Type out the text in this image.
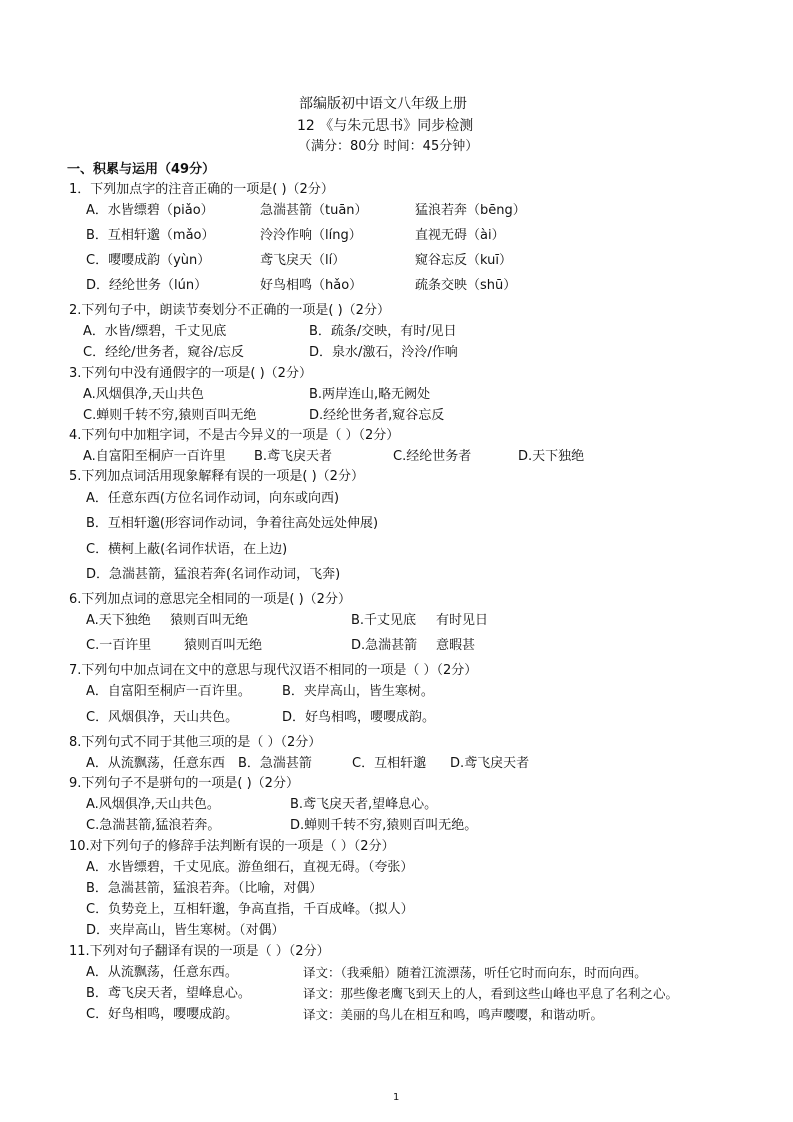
部编版初中语文八年级上册
12 《与朱元思书》同步检测
（满分：80分 时间：45分钟）
一、积累与运用（49分）
1．下列加点字的注音正确的一项是( )（2分）
A．水皆缥碧（piǎo）	急湍甚箭（tuān）	猛浪若奔（bēng）
B．互相轩邈（mǎo）	泠泠作响（líng）	直视无碍（ài）
C．嘤嘤成韵（yùn）	鸢飞戾天（lí）	窥谷忘反（kuī）
D．经纶世务（lún）	好鸟相鸣（hǎo）	疏条交映（shū）
2.下列句子中，朗读节奏划分不正确的一项是( )（2分）
A．水皆/缥碧，千丈见底	B．疏条/交映，有时/见日
C．经纶/世务者，窥谷/忘反	D．泉水/激石，泠泠/作响
3.下列句中没有通假字的一项是( )（2分）
A.风烟俱净,天山共色	B.两岸连山,略无阙处
C.蝉则千转不穷,猿则百叫无绝	D.经纶世务者,窥谷忘反
4.下列句中加粗字词，不是古今异义的一项是（ ）（2分）
A.自富阳至桐庐一百许里 B.鸢飞戾天者	C.经纶世务者	D.天下独绝
5.下列加点词活用现象解释有误的一项是( )（2分）
A．任意东西(方位名词作动词，向东或向西)
B．互相轩邈(形容词作动词，争着往高处远处伸展)
C．横柯上蔽(名词作状语，在上边)
D．急湍甚箭，猛浪若奔(名词作动词，飞奔)
6.下列加点词的意思完全相同的一项是( )（2分）
A.天下独绝 猿则百叫无绝	B.千丈见底 有时见日
C.一百许里	猿则百叫无绝	D.急湍甚箭 意暇甚
7.下列句中加点词在文中的意思与现代汉语不相同的一项是（ ）（2分）
A．自富阳至桐庐一百许里。 B．夹岸高山，皆生寒树。
C．风烟俱净，天山共色。	D．好鸟相鸣，嘤嘤成韵。
8.下列句式不同于其他三项的是（ ）（2分）
A．从流飘荡，任意东西 B．急湍甚箭	C．互相轩邈 D.鸢飞戾天者
9.下列句子不是骈句的一项是( )（2分）
A.风烟俱净,天山共色。	B.鸢飞戾天者,望峰息心。
C.急湍甚箭,猛浪若奔。	D.蝉则千转不穷,猿则百叫无绝。
10.对下列句子的修辞手法判断有误的一项是（ ）（2分）
A．水皆缥碧，千丈见底。游鱼细石，直视无碍。（夸张）
B．急湍甚箭，猛浪若奔。（比喻，对偶）
C．负势竞上，互相轩邈，争高直指，千百成峰。（拟人）
D．夹岸高山，皆生寒树。（对偶）
11.下列对句子翻译有误的一项是（ ）（2分）
A．从流飘荡，任意东西。	译文：（我乘船）随着江流漂荡，听任它时而向东，时而向西。
B．鸢飞戾天者，望峰息心。	译文：那些像老鹰飞到天上的人，看到这些山峰也平息了名利之心。
C．好鸟相鸣，嘤嘤成韵。	译文：美丽的鸟儿在相互和鸣，鸣声嘤嘤，和谐动听。
1
